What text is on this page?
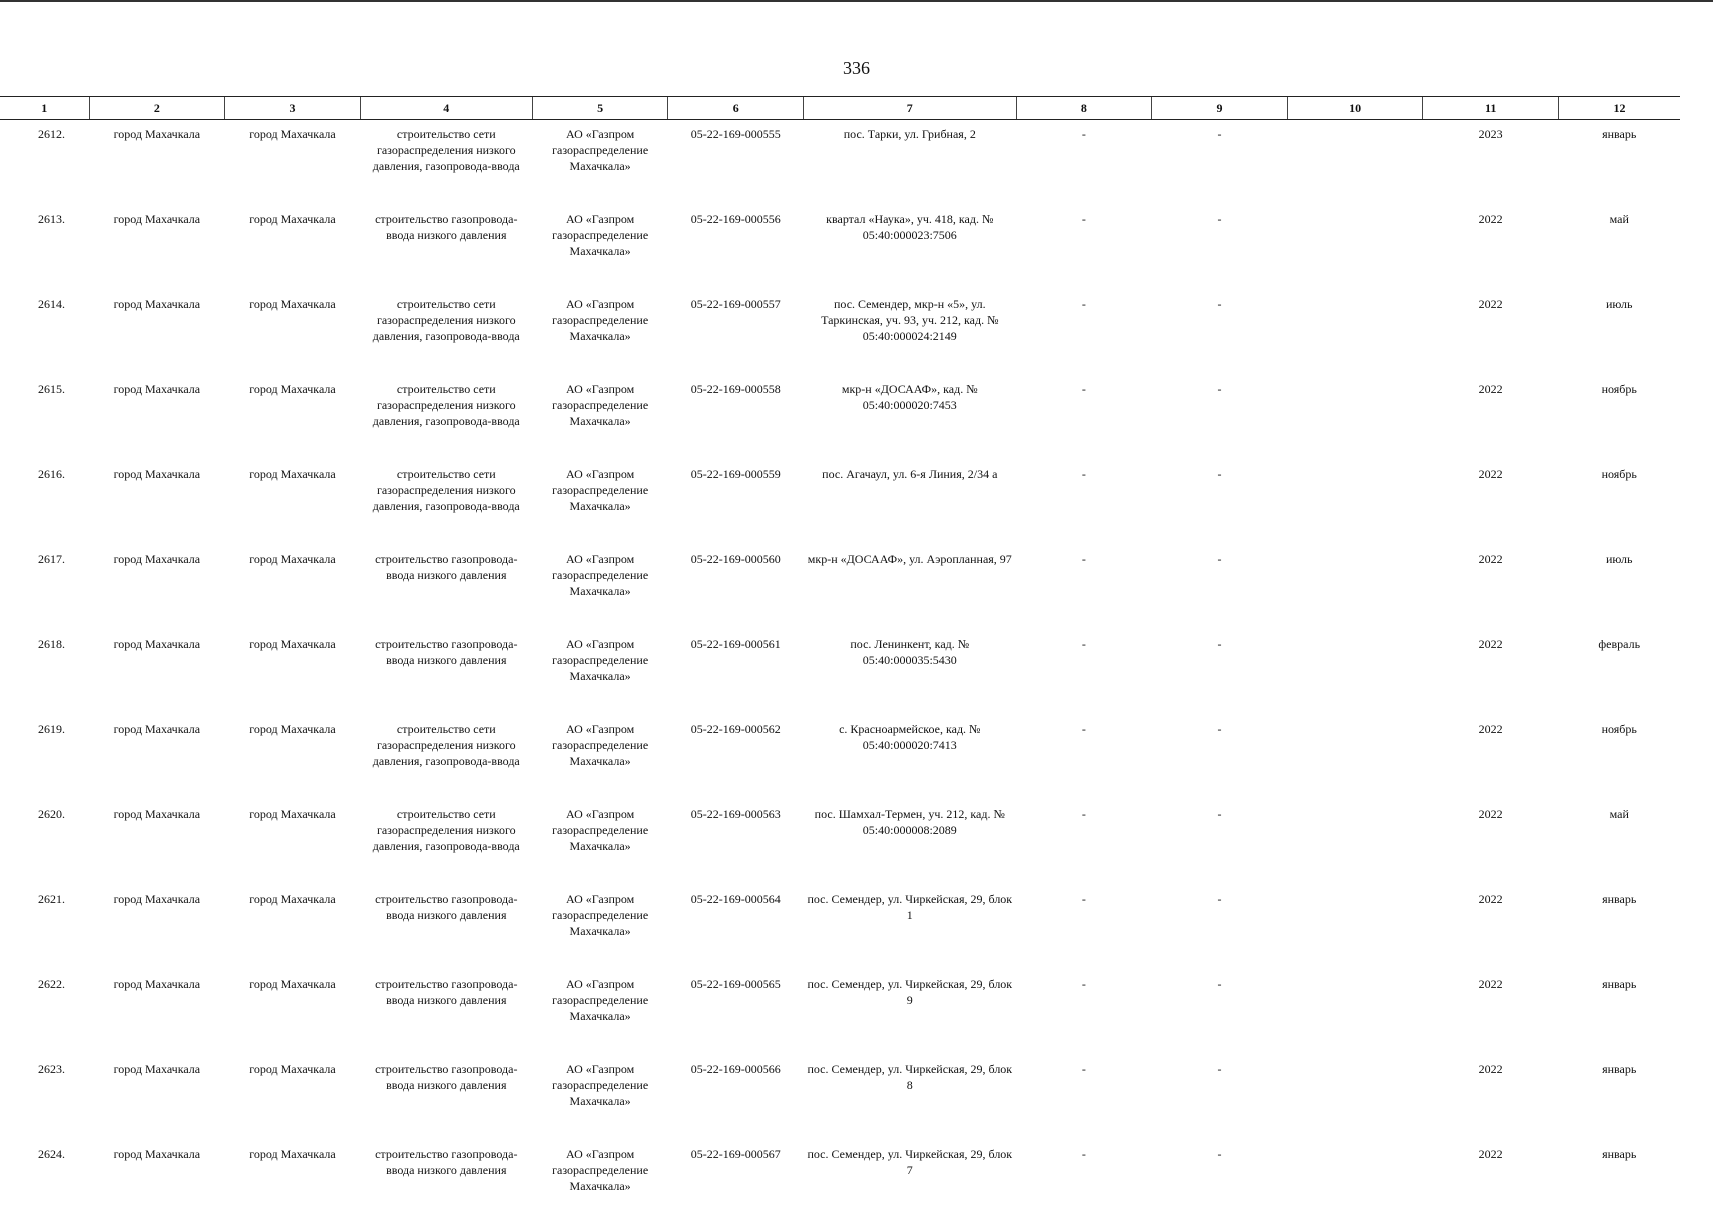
336
1	2	3	4	5	6	7	8	9	10	11	12
2612.	город Махачкала	город Махачкала	строительство сети газораспределения низкого давления, газопровода-ввода	АО «Газпром газораспределение Махачкала»	05-22-169-000555	пос. Тарки, ул. Грибная, 2	-	-		2023	январь
2613.	город Махачкала	город Махачкала	строительство газопровода-ввода низкого давления	АО «Газпром газораспределение Махачкала»	05-22-169-000556	квартал «Наука», уч. 418, кад. № 05:40:000023:7506	-	-		2022	май
2614.	город Махачкала	город Махачкала	строительство сети газораспределения низкого давления, газопровода-ввода	АО «Газпром газораспределение Махачкала»	05-22-169-000557	пос. Семендер, мкр-н «5», ул. Таркинская, уч. 93, уч. 212, кад. № 05:40:000024:2149	-	-		2022	июль
2615.	город Махачкала	город Махачкала	строительство сети газораспределения низкого давления, газопровода-ввода	АО «Газпром газораспределение Махачкала»	05-22-169-000558	мкр-н «ДОСААФ», кад. № 05:40:000020:7453	-	-		2022	ноябрь
2616.	город Махачкала	город Махачкала	строительство сети газораспределения низкого давления, газопровода-ввода	АО «Газпром газораспределение Махачкала»	05-22-169-000559	пос. Агачаул, ул. 6-я Линия, 2/34 а	-	-		2022	ноябрь
2617.	город Махачкала	город Махачкала	строительство газопровода-ввода низкого давления	АО «Газпром газораспределение Махачкала»	05-22-169-000560	мкр-н «ДОСААФ», ул. Аэропланная, 97	-	-		2022	июль
2618.	город Махачкала	город Махачкала	строительство газопровода-ввода низкого давления	АО «Газпром газораспределение Махачкала»	05-22-169-000561	пос. Ленинкент, кад. № 05:40:000035:5430	-	-		2022	февраль
2619.	город Махачкала	город Махачкала	строительство сети газораспределения низкого давления, газопровода-ввода	АО «Газпром газораспределение Махачкала»	05-22-169-000562	с. Красноармейское, кад. № 05:40:000020:7413	-	-		2022	ноябрь
2620.	город Махачкала	город Махачкала	строительство сети газораспределения низкого давления, газопровода-ввода	АО «Газпром газораспределение Махачкала»	05-22-169-000563	пос. Шамхал-Термен, уч. 212, кад. № 05:40:000008:2089	-	-		2022	май
2621.	город Махачкала	город Махачкала	строительство газопровода-ввода низкого давления	АО «Газпром газораспределение Махачкала»	05-22-169-000564	пос. Семендер, ул. Чиркейская, 29, блок 1	-	-		2022	январь
2622.	город Махачкала	город Махачкала	строительство газопровода-ввода низкого давления	АО «Газпром газораспределение Махачкала»	05-22-169-000565	пос. Семендер, ул. Чиркейская, 29, блок 9	-	-		2022	январь
2623.	город Махачкала	город Махачкала	строительство газопровода-ввода низкого давления	АО «Газпром газораспределение Махачкала»	05-22-169-000566	пос. Семендер, ул. Чиркейская, 29, блок 8	-	-		2022	январь
2624.	город Махачкала	город Махачкала	строительство газопровода-ввода низкого давления	АО «Газпром газораспределение Махачкала»	05-22-169-000567	пос. Семендер, ул. Чиркейская, 29, блок 7	-	-		2022	январь
